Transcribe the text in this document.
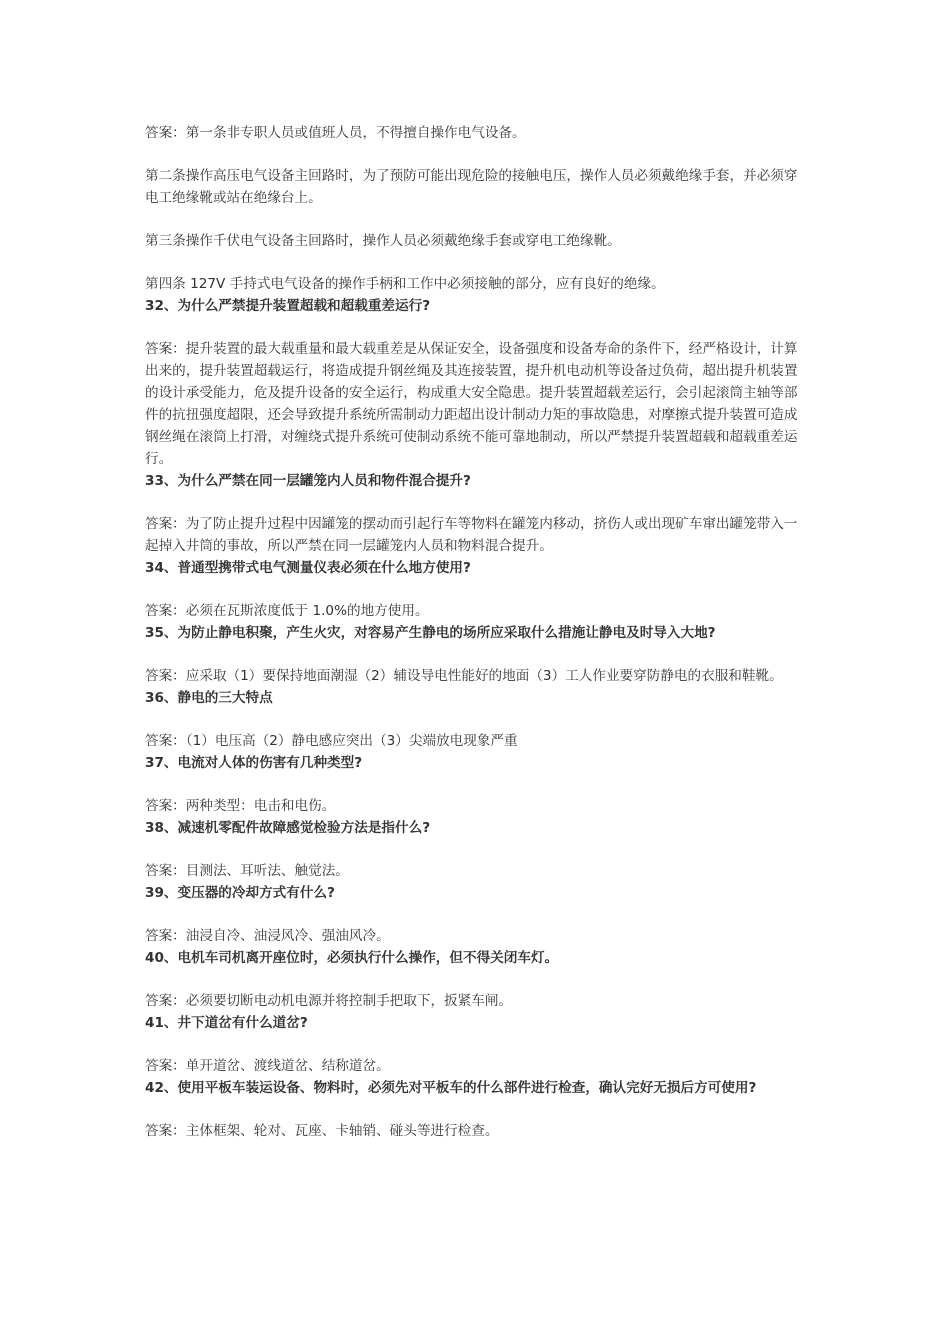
答案：第一条非专职人员或值班人员，不得擅自操作电气设备。

第二条操作高压电气设备主回路时，为了预防可能出现危险的接触电压，操作人员必须戴绝缘手套，并必须穿电工绝缘靴或站在绝缘台上。

第三条操作千伏电气设备主回路时，操作人员必须戴绝缘手套或穿电工绝缘靴。

第四条 127V 手持式电气设备的操作手柄和工作中必须接触的部分，应有良好的绝缘。

32、为什么严禁提升装置超载和超载重差运行?

答案：提升装置的最大载重量和最大载重差是从保证安全，设备强度和设备寿命的条件下，经严格设计，计算出来的，提升装置超载运行，将造成提升钢丝绳及其连接装置，提升机电动机等设备过负荷，超出提升机装置的设计承受能力，危及提升设备的安全运行，构成重大安全隐患。提升装置超载差运行，会引起滚筒主轴等部件的抗扭强度超限，还会导致提升系统所需制动力距超出设计制动力矩的事故隐患，对摩擦式提升装置可造成钢丝绳在滚筒上打滑，对缠绕式提升系统可使制动系统不能可靠地制动，所以严禁提升装置超载和超载重差运行。

33、为什么严禁在同一层罐笼内人员和物件混合提升?

答案：为了防止提升过程中因罐笼的摆动而引起行车等物料在罐笼内移动，挤伤人或出现矿车窜出罐笼带入一起掉入井筒的事故，所以严禁在同一层罐笼内人员和物料混合提升。

34、普通型携带式电气测量仪表必须在什么地方使用?

答案：必须在瓦斯浓度低于 1.0%的地方使用。

35、为防止静电积聚，产生火灾，对容易产生静电的场所应采取什么措施让静电及时导入大地?

答案：应采取（1）要保持地面潮湿（2）辅设导电性能好的地面（3）工人作业要穿防静电的衣服和鞋靴。

36、静电的三大特点

答案：（1）电压高（2）静电感应突出（3）尖端放电现象严重

37、电流对人体的伤害有几种类型?

答案：两种类型：电击和电伤。

38、减速机零配件故障感觉检验方法是指什么?

答案：目测法、耳听法、触觉法。

39、变压器的冷却方式有什么?

答案：油浸自冷、油浸风冷、强油风冷。

40、电机车司机离开座位时，必须执行什么操作，但不得关闭车灯。

答案：必须要切断电动机电源并将控制手把取下，扳紧车闸。

41、井下道岔有什么道岔?

答案：单开道岔、渡线道岔、结称道岔。

42、使用平板车装运设备、物料时，必须先对平板车的什么部件进行检查，确认完好无损后方可使用?

答案：主体框架、轮对、瓦座、卡轴销、碰头等进行检查。
